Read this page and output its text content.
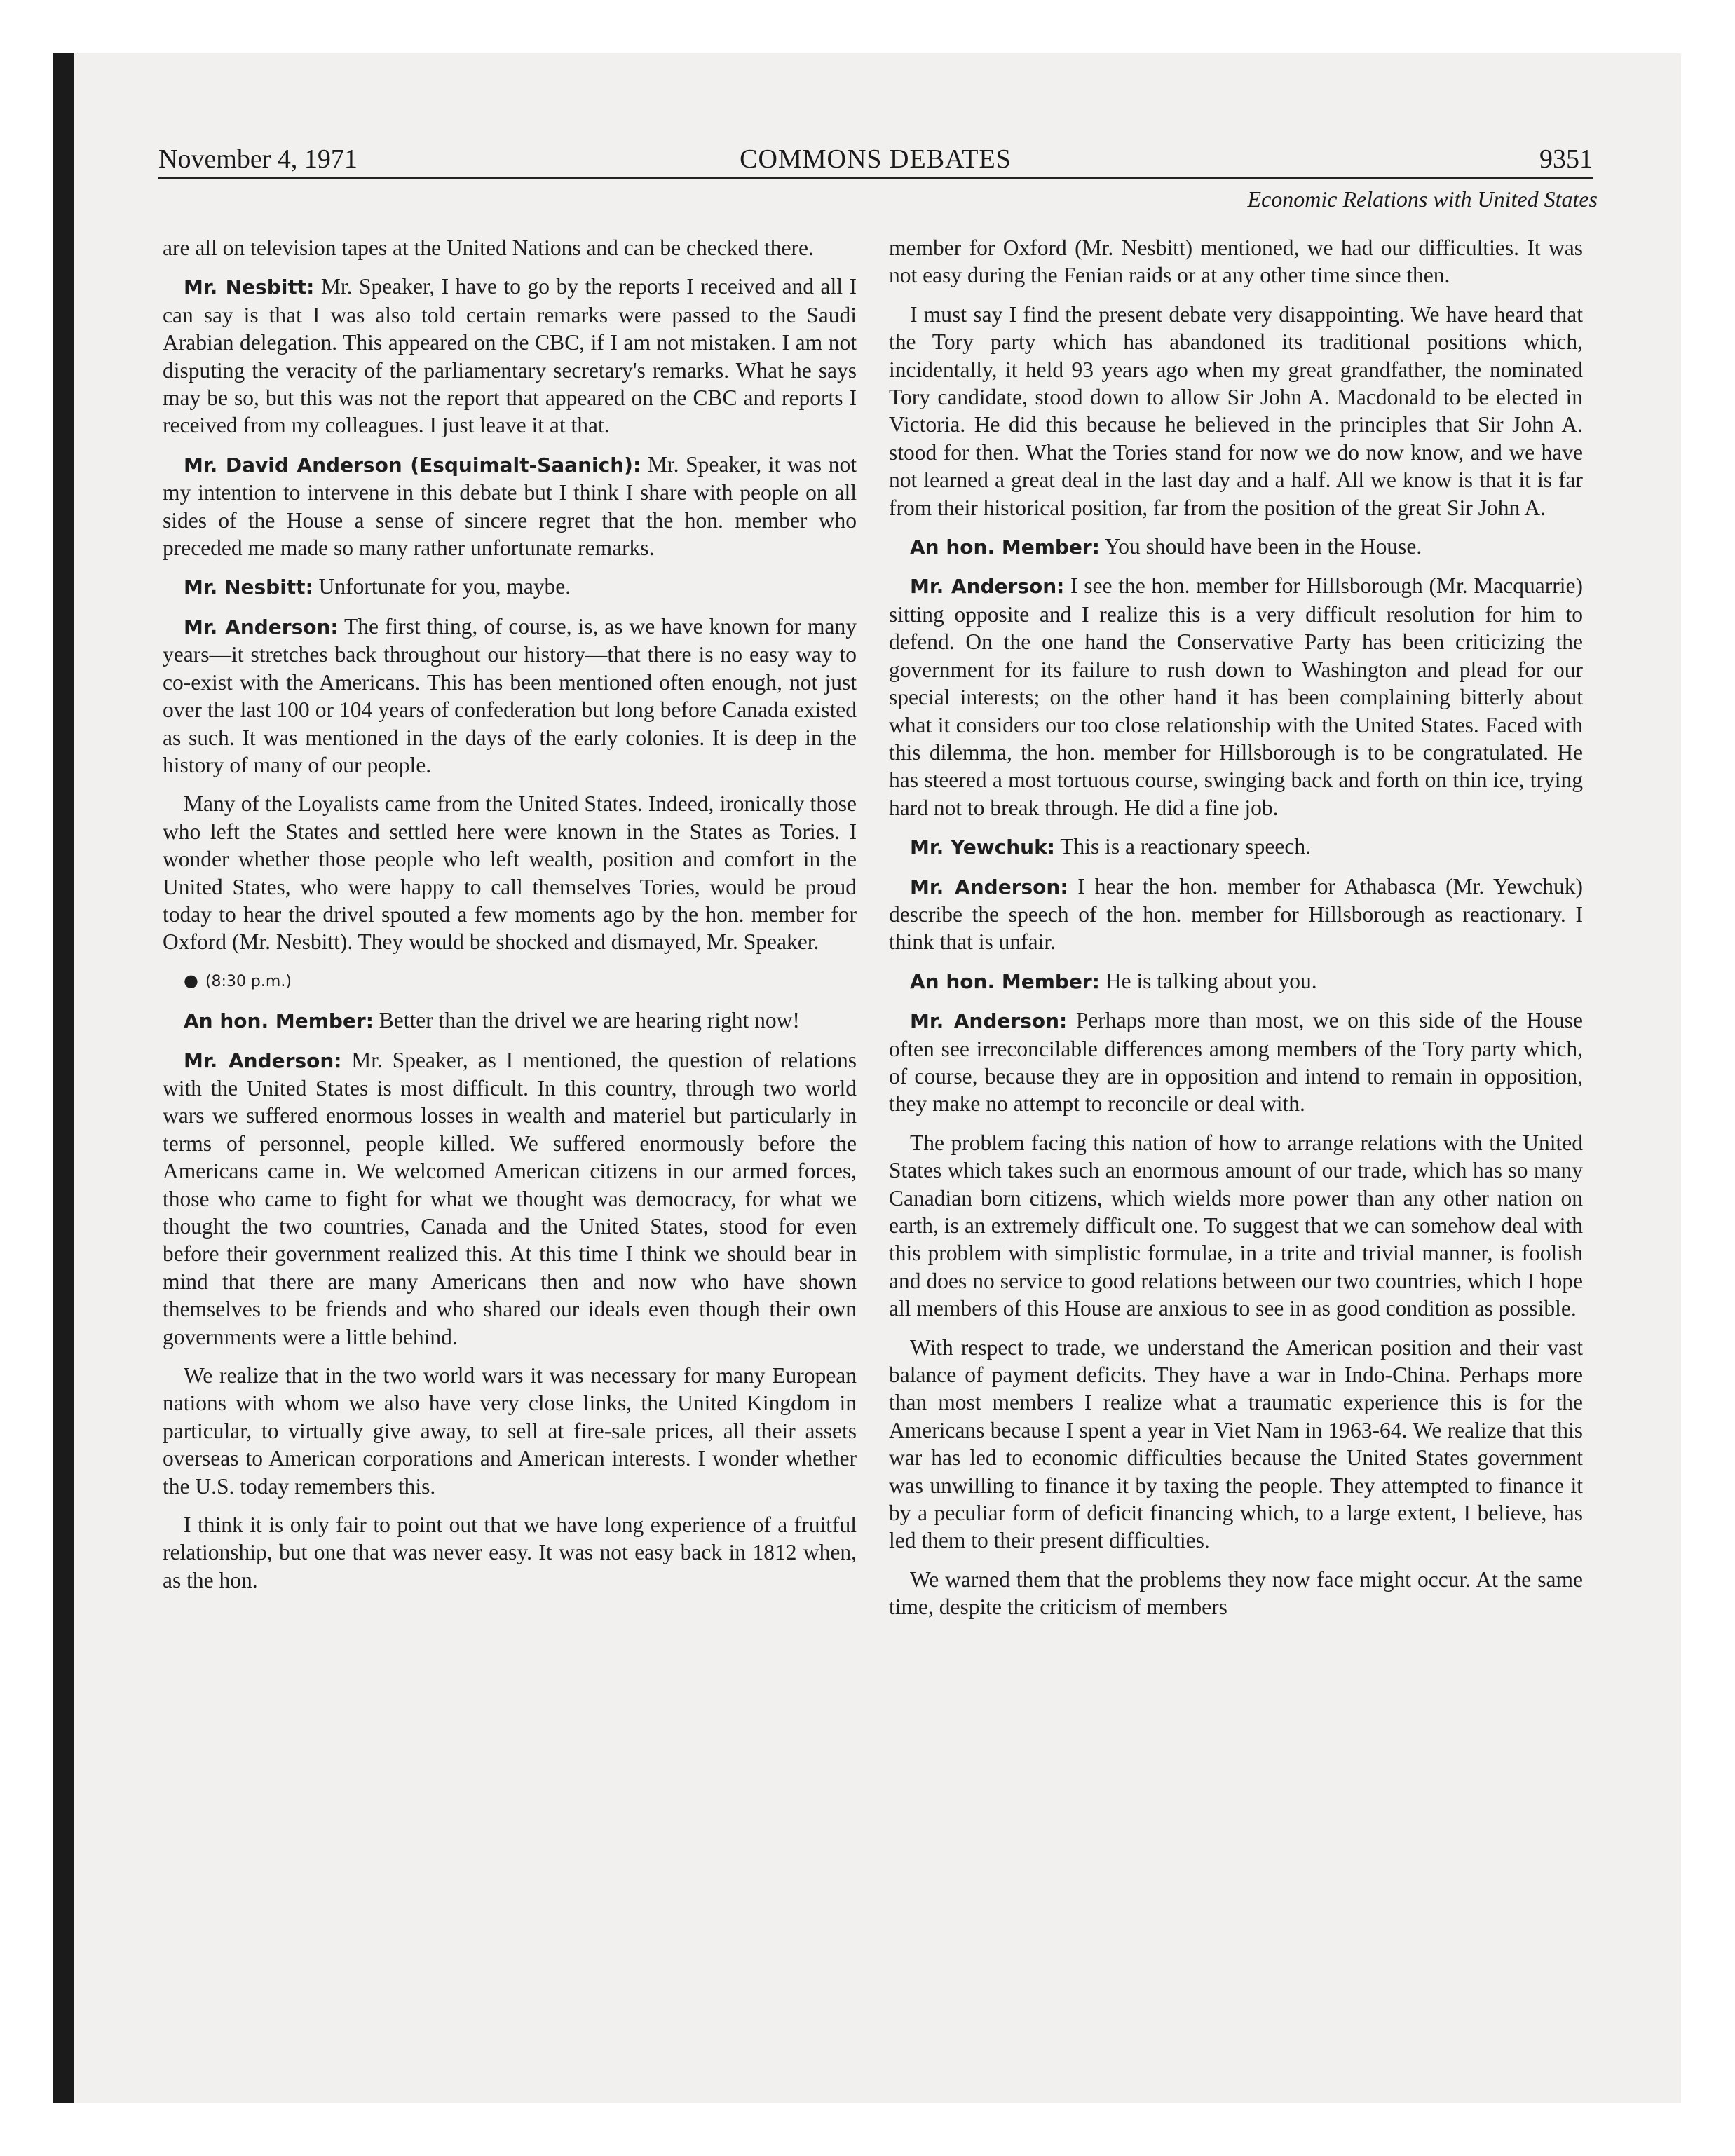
November 4, 1971	COMMONS DEBATES	9351
Economic Relations with United States

are all on television tapes at the United Nations and can be checked there.

Mr. Nesbitt: Mr. Speaker, I have to go by the reports I received and all I can say is that I was also told certain remarks were passed to the Saudi Arabian delegation. This appeared on the CBC, if I am not mistaken. I am not disputing the veracity of the parliamentary secretary's remarks. What he says may be so, but this was not the report that appeared on the CBC and reports I received from my colleagues. I just leave it at that.

Mr. David Anderson (Esquimalt-Saanich): Mr. Speaker, it was not my intention to intervene in this debate but I think I share with people on all sides of the House a sense of sincere regret that the hon. member who preceded me made so many rather unfortunate remarks.

Mr. Nesbitt: Unfortunate for you, maybe.

Mr. Anderson: The first thing, of course, is, as we have known for many years—it stretches back throughout our history—that there is no easy way to co-exist with the Americans. This has been mentioned often enough, not just over the last 100 or 104 years of confederation but long before Canada existed as such. It was mentioned in the days of the early colonies. It is deep in the history of many of our people.

Many of the Loyalists came from the United States. Indeed, ironically those who left the States and settled here were known in the States as Tories. I wonder whether those people who left wealth, position and comfort in the United States, who were happy to call themselves Tories, would be proud today to hear the drivel spouted a few moments ago by the hon. member for Oxford (Mr. Nesbitt). They would be shocked and dismayed, Mr. Speaker.

● (8:30 p.m.)

An hon. Member: Better than the drivel we are hearing right now!

Mr. Anderson: Mr. Speaker, as I mentioned, the question of relations with the United States is most difficult. In this country, through two world wars we suffered enormous losses in wealth and materiel but particularly in terms of personnel, people killed. We suffered enormously before the Americans came in. We welcomed American citizens in our armed forces, those who came to fight for what we thought was democracy, for what we thought the two countries, Canada and the United States, stood for even before their government realized this. At this time I think we should bear in mind that there are many Americans then and now who have shown themselves to be friends and who shared our ideals even though their own governments were a little behind.

We realize that in the two world wars it was necessary for many European nations with whom we also have very close links, the United Kingdom in particular, to virtually give away, to sell at fire-sale prices, all their assets overseas to American corporations and American interests. I wonder whether the U.S. today remembers this.

I think it is only fair to point out that we have long experience of a fruitful relationship, but one that was never easy. It was not easy back in 1812 when, as the hon.

member for Oxford (Mr. Nesbitt) mentioned, we had our difficulties. It was not easy during the Fenian raids or at any other time since then.

I must say I find the present debate very disappointing. We have heard that the Tory party which has abandoned its traditional positions which, incidentally, it held 93 years ago when my great grandfather, the nominated Tory candidate, stood down to allow Sir John A. Macdonald to be elected in Victoria. He did this because he believed in the principles that Sir John A. stood for then. What the Tories stand for now we do now know, and we have not learned a great deal in the last day and a half. All we know is that it is far from their historical position, far from the position of the great Sir John A.

An hon. Member: You should have been in the House.

Mr. Anderson: I see the hon. member for Hillsborough (Mr. Macquarrie) sitting opposite and I realize this is a very difficult resolution for him to defend. On the one hand the Conservative Party has been criticizing the government for its failure to rush down to Washington and plead for our special interests; on the other hand it has been complaining bitterly about what it considers our too close relationship with the United States. Faced with this dilemma, the hon. member for Hillsborough is to be congratulated. He has steered a most tortuous course, swinging back and forth on thin ice, trying hard not to break through. He did a fine job.

Mr. Yewchuk: This is a reactionary speech.

Mr. Anderson: I hear the hon. member for Athabasca (Mr. Yewchuk) describe the speech of the hon. member for Hillsborough as reactionary. I think that is unfair.

An hon. Member: He is talking about you.

Mr. Anderson: Perhaps more than most, we on this side of the House often see irreconcilable differences among members of the Tory party which, of course, because they are in opposition and intend to remain in opposition, they make no attempt to reconcile or deal with.

The problem facing this nation of how to arrange relations with the United States which takes such an enormous amount of our trade, which has so many Canadian born citizens, which wields more power than any other nation on earth, is an extremely difficult one. To suggest that we can somehow deal with this problem with simplistic formulae, in a trite and trivial manner, is foolish and does no service to good relations between our two countries, which I hope all members of this House are anxious to see in as good condition as possible.

With respect to trade, we understand the American position and their vast balance of payment deficits. They have a war in Indo-China. Perhaps more than most members I realize what a traumatic experience this is for the Americans because I spent a year in Viet Nam in 1963-64. We realize that this war has led to economic difficulties because the United States government was unwilling to finance it by taxing the people. They attempted to finance it by a peculiar form of deficit financing which, to a large extent, I believe, has led them to their present difficulties.

We warned them that the problems they now face might occur. At the same time, despite the criticism of members
